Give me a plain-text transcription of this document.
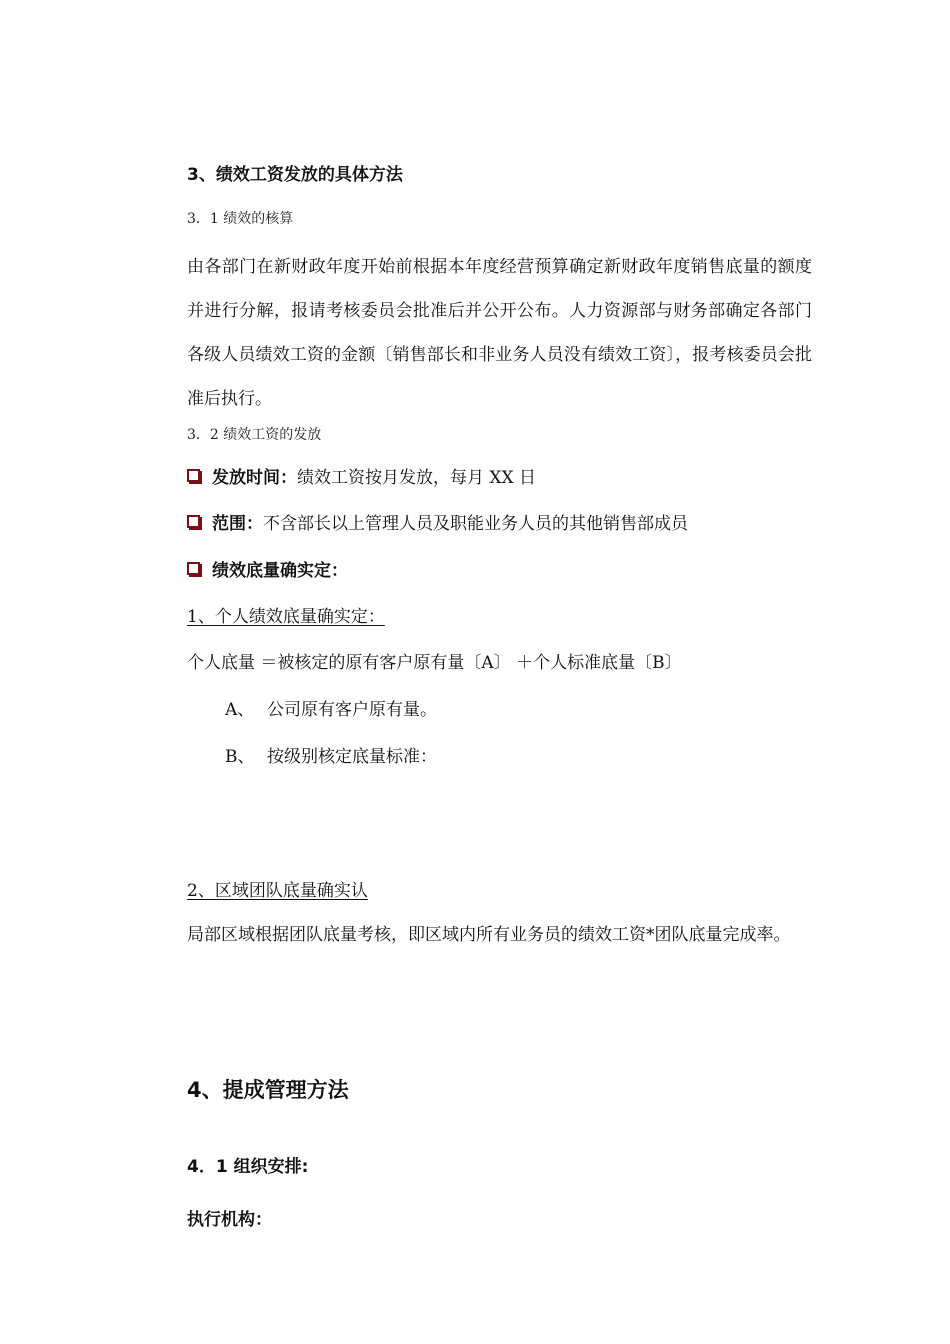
3、绩效工资发放的具体方法
3．1 绩效的核算
由各部门在新财政年度开始前根据本年度经营预算确定新财政年度销售底量的额度并进行分解，报请考核委员会批准后并公开公布。人力资源部与财务部确定各部门各级人员绩效工资的金额〔销售部长和非业务人员没有绩效工资〕，报考核委员会批准后执行。
3．2 绩效工资的发放
发放时间： 绩效工资按月发放，每月 XX 日
范围： 不含部长以上管理人员及职能业务人员的其他销售部成员
绩效底量确实定：
1、个人绩效底量确实定：
个人底量 ＝被核定的原有客户原有量〔A〕 ＋个人标准底量〔B〕
A、 公司原有客户原有量。
B、 按级别核定底量标准：
2、区域团队底量确实认
局部区域根据团队底量考核，即区域内所有业务员的绩效工资*团队底量完成率。
4、提成管理方法
4．1 组织安排:
执行机构：
